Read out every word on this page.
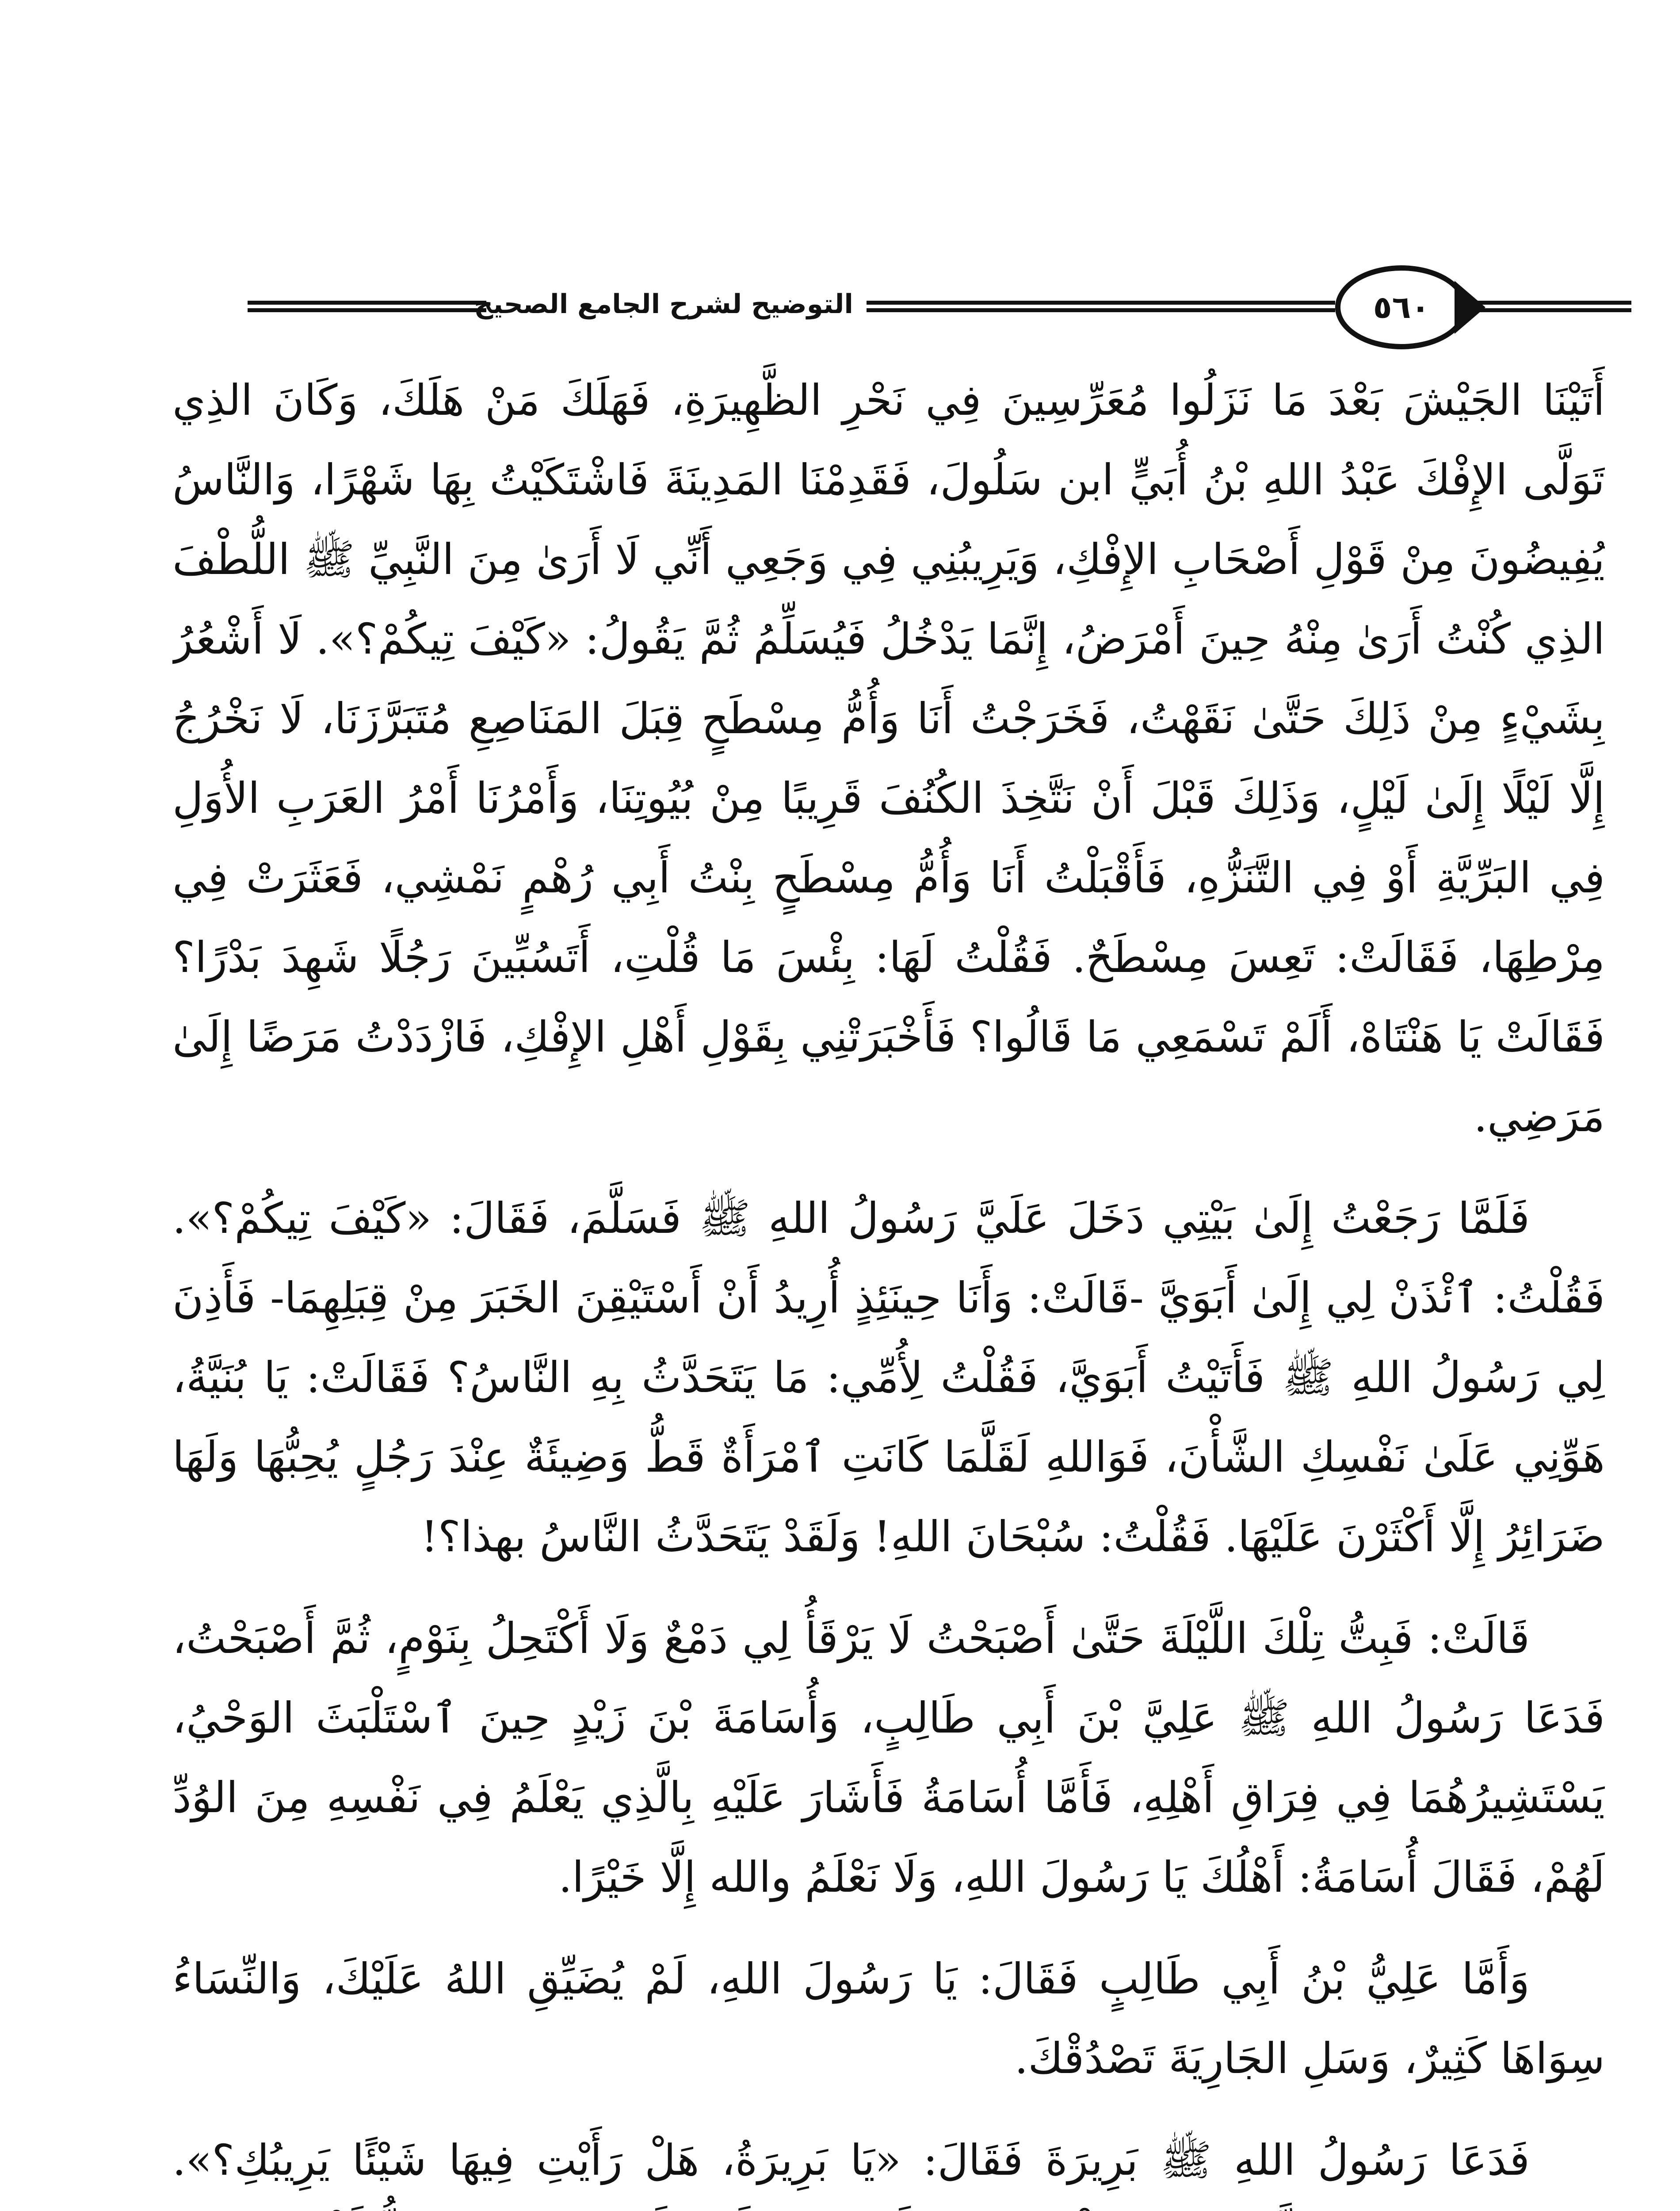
التوضيح لشرح الجامع الصحيح	٥٦٠

أَتَيْنَا الجَيْشَ بَعْدَ مَا نَزَلُوا مُعَرِّسِينَ فِي نَحْرِ الظَّهِيرَةِ، فَهَلَكَ مَنْ هَلَكَ، وَكَانَ الذِي تَوَلَّى الإِفْكَ عَبْدُ اللهِ بْنُ أُبَيٍّ ابن سَلُولَ، فَقَدِمْنَا المَدِينَةَ فَاشْتَكَيْتُ بِهَا شَهْرًا، وَالنَّاسُ يُفِيضُونَ مِنْ قَوْلِ أَصْحَابِ الإِفْكِ، وَيَرِيبُنِي فِي وَجَعِي أَنِّي لَا أَرَىٰ مِنَ النَّبِيِّ ﷺ اللُّطْفَ الذِي كُنْتُ أَرَىٰ مِنْهُ حِينَ أَمْرَضُ، إِنَّمَا يَدْخُلُ فَيُسَلِّمُ ثُمَّ يَقُولُ: «كَيْفَ تِيكُمْ؟». لَا أَشْعُرُ بِشَيْءٍ مِنْ ذَلِكَ حَتَّىٰ نَقَهْتُ، فَخَرَجْتُ أَنَا وَأُمُّ مِسْطَحٍ قِبَلَ المَنَاصِعِ مُتَبَرَّزَنَا، لَا نَخْرُجُ إِلَّا لَيْلًا إِلَىٰ لَيْلٍ، وَذَلِكَ قَبْلَ أَنْ نَتَّخِذَ الكُنُفَ قَرِيبًا مِنْ بُيُوتِنَا، وَأَمْرُنَا أَمْرُ العَرَبِ الأُوَلِ فِي البَرِّيَّةِ أَوْ فِي التَّنَزُّهِ، فَأَقْبَلْتُ أَنَا وَأُمُّ مِسْطَحٍ بِنْتُ أَبِي رُهْمٍ نَمْشِي، فَعَثَرَتْ فِي مِرْطِهَا، فَقَالَتْ: تَعِسَ مِسْطَحٌ. فَقُلْتُ لَهَا: بِئْسَ مَا قُلْتِ، أَتَسُبِّينَ رَجُلًا شَهِدَ بَدْرًا؟ فَقَالَتْ يَا هَنْتَاهْ، أَلَمْ تَسْمَعِي مَا قَالُوا؟ فَأَخْبَرَتْنِي بِقَوْلِ أَهْلِ الإِفْكِ، فَازْدَدْتُ مَرَضًا إِلَىٰ مَرَضِي.

فَلَمَّا رَجَعْتُ إِلَىٰ بَيْتِي دَخَلَ عَلَيَّ رَسُولُ اللهِ ﷺ فَسَلَّمَ، فَقَالَ: «كَيْفَ تِيكُمْ؟». فَقُلْتُ: ٱئْذَنْ لِي إِلَىٰ أَبَوَيَّ -قَالَتْ: وَأَنَا حِينَئِذٍ أُرِيدُ أَنْ أَسْتَيْقِنَ الخَبَرَ مِنْ قِبَلِهِمَا- فَأَذِنَ لِي رَسُولُ اللهِ ﷺ فَأَتَيْتُ أَبَوَيَّ، فَقُلْتُ لِأُمِّي: مَا يَتَحَدَّثُ بِهِ النَّاسُ؟ فَقَالَتْ: يَا بُنَيَّةُ، هَوِّنِي عَلَىٰ نَفْسِكِ الشَّأْنَ، فَوَاللهِ لَقَلَّمَا كَانَتِ ٱمْرَأَةٌ قَطُّ وَضِيئَةٌ عِنْدَ رَجُلٍ يُحِبُّهَا وَلَهَا ضَرَائِرُ إِلَّا أَكْثَرْنَ عَلَيْهَا. فَقُلْتُ: سُبْحَانَ اللهِ! وَلَقَدْ يَتَحَدَّثُ النَّاسُ بهذا؟!

قَالَتْ: فَبِتُّ تِلْكَ اللَّيْلَةَ حَتَّىٰ أَصْبَحْتُ لَا يَرْقَأُ لِي دَمْعٌ وَلَا أَكْتَحِلُ بِنَوْمٍ، ثُمَّ أَصْبَحْتُ، فَدَعَا رَسُولُ اللهِ ﷺ عَلِيَّ بْنَ أَبِي طَالِبٍ، وَأُسَامَةَ بْنَ زَيْدٍ حِينَ ٱسْتَلْبَثَ الوَحْيُ، يَسْتَشِيرُهُمَا فِي فِرَاقِ أَهْلِهِ، فَأَمَّا أُسَامَةُ فَأَشَارَ عَلَيْهِ بِالَّذِي يَعْلَمُ فِي نَفْسِهِ مِنَ الوُدِّ لَهُمْ، فَقَالَ أُسَامَةُ: أَهْلُكَ يَا رَسُولَ اللهِ، وَلَا نَعْلَمُ والله إِلَّا خَيْرًا.

وَأَمَّا عَلِيُّ بْنُ أَبِي طَالِبٍ فَقَالَ: يَا رَسُولَ اللهِ، لَمْ يُضَيِّقِ اللهُ عَلَيْكَ، وَالنِّسَاءُ سِوَاهَا كَثِيرٌ، وَسَلِ الجَارِيَةَ تَصْدُقْكَ.

فَدَعَا رَسُولُ اللهِ ﷺ بَرِيرَةَ فَقَالَ: «يَا بَرِيرَةُ، هَلْ رَأَيْتِ فِيهَا شَيْئًا يَرِيبُكِ؟».
